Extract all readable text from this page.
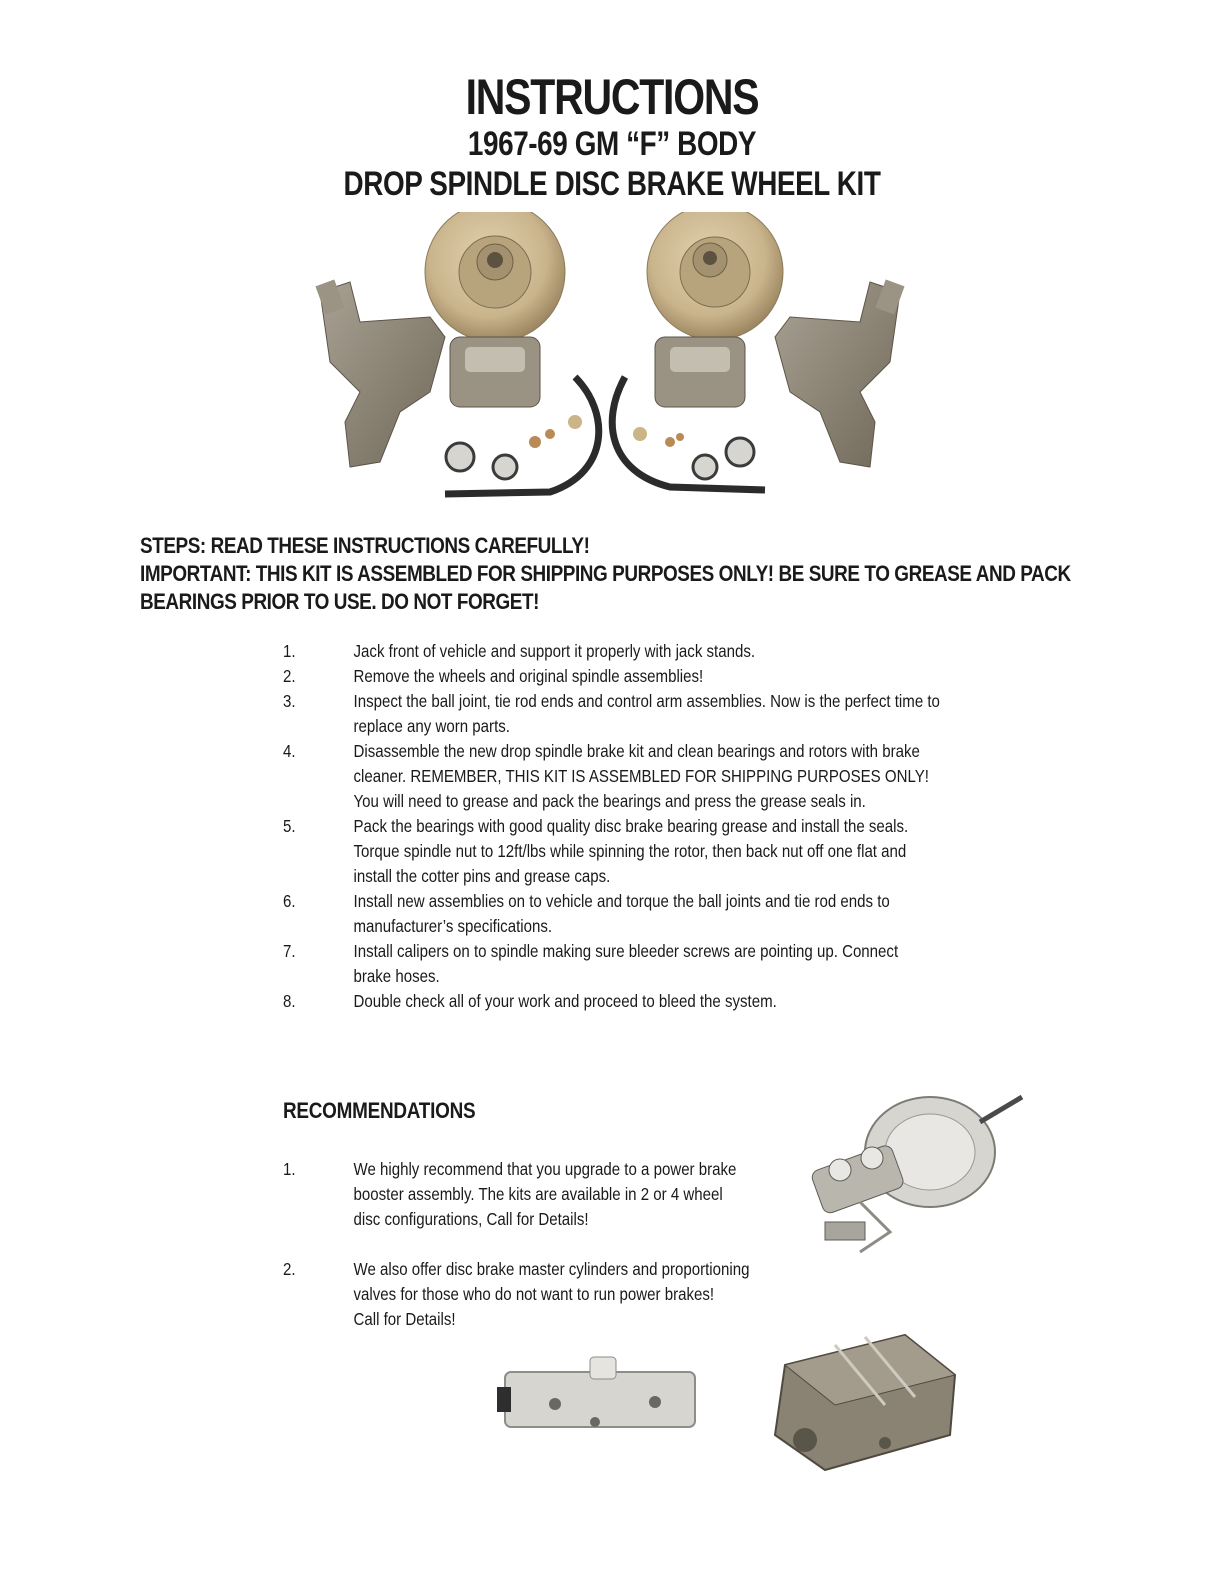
INSTRUCTIONS
1967-69 GM “F” BODY
DROP SPINDLE DISC BRAKE WHEEL KIT
STEPS: READ THESE INSTRUCTIONS CAREFULLY!
IMPORTANT: THIS KIT IS ASSEMBLED FOR SHIPPING PURPOSES ONLY! BE SURE TO GREASE AND PACK
BEARINGS PRIOR TO USE. DO NOT FORGET!
1.	Jack front of vehicle and support it properly with jack stands.
2.	Remove the wheels and original spindle assemblies!
3.	Inspect the ball joint, tie rod ends and control arm assemblies. Now is the perfect time to
replace any worn parts.
4.	Disassemble the new drop spindle brake kit and clean bearings and rotors with brake
cleaner. REMEMBER, THIS KIT IS ASSEMBLED FOR SHIPPING PURPOSES ONLY!
You will need to grease and pack the bearings and press the grease seals in.
5.	Pack the bearings with good quality disc brake bearing grease and install the seals.
Torque spindle nut to 12ft/lbs while spinning the rotor, then back nut off one flat and
install the cotter pins and grease caps.
6.	Install new assemblies on to vehicle and torque the ball joints and tie rod ends to
manufacturer’s specifications.
7.	Install calipers on to spindle making sure bleeder screws are pointing up. Connect
brake hoses.
8.	Double check all of your work and proceed to bleed the system.
RECOMMENDATIONS
1.	We highly recommend that you upgrade to a power brake
booster assembly. The kits are available in 2 or 4 wheel
disc configurations, Call for Details!
2.	We also offer disc brake master cylinders and proportioning
valves for those who do not want to run power brakes!
Call for Details!
